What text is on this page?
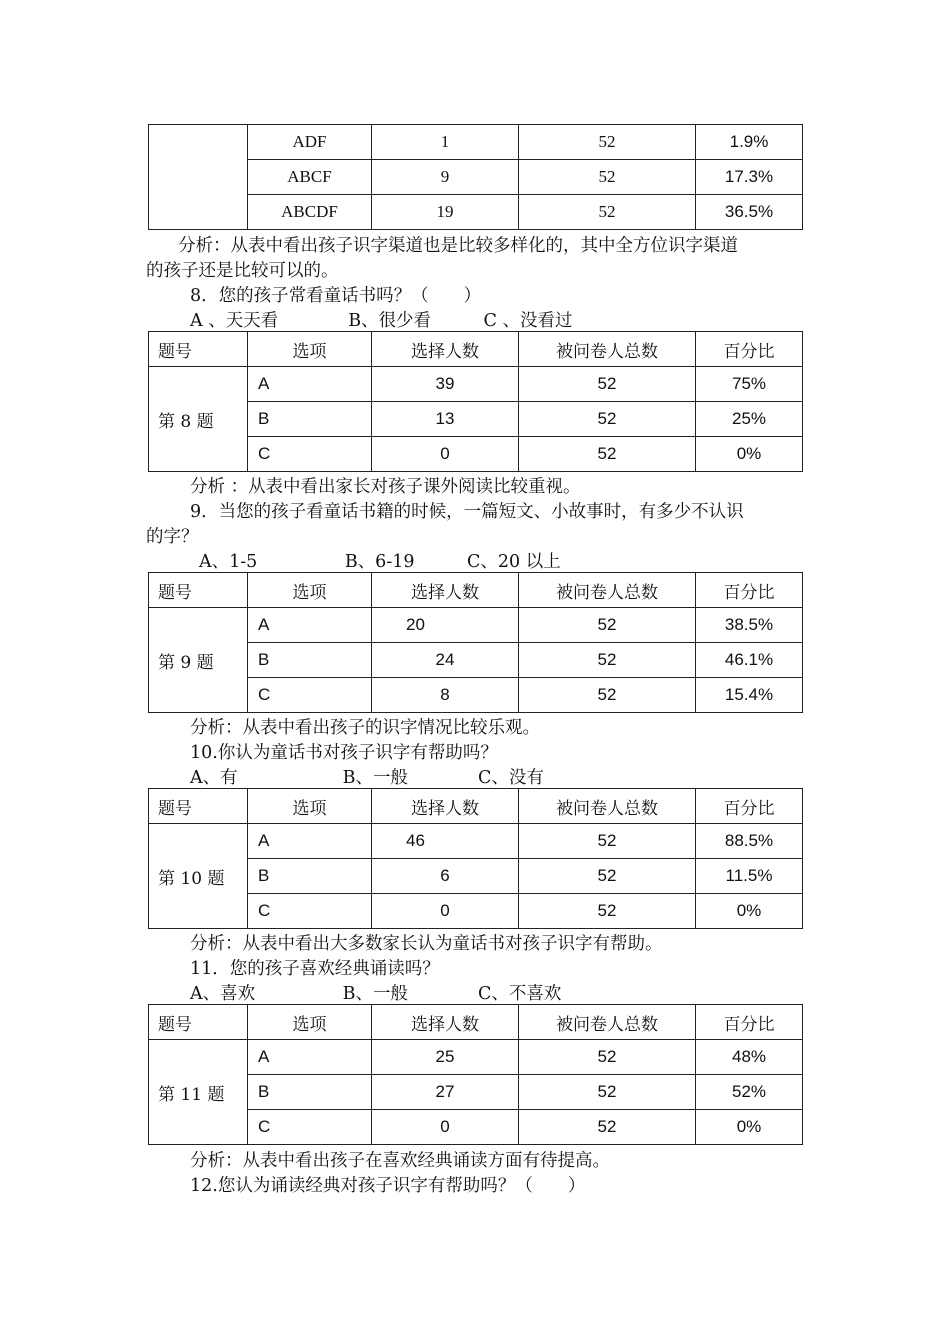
	ADF	1	52	1.9%
	ABCF	9	52	17.3%
	ABCDF	19	52	36.5%
分析：从表中看出孩子识字渠道也是比较多样化的，其中全方位识字渠道
的孩子还是比较可以的。
8．您的孩子常看童话书吗？（　　）
A 、天天看　　　　B、很少看　　　C 、没看过
题号	选项	选择人数	被问卷人总数	百分比
第 8 题	A	39	52	75%
	B	13	52	25%
	C	0	52	0%
分析 ：从表中看出家长对孩子课外阅读比较重视。
9．当您的孩子看童话书籍的时候，一篇短文、小故事时，有多少不认识
的字？
A、1-5　　　　　B、6-19　　　C、20 以上
题号	选项	选择人数	被问卷人总数	百分比
第 9 题	A	20	52	38.5%
	B	24	52	46.1%
	C	8	52	15.4%
分析：从表中看出孩子的识字情况比较乐观。
10.你认为童话书对孩子识字有帮助吗？
A、有　　　　　　B、一般　　　　C、没有
题号	选项	选择人数	被问卷人总数	百分比
第 10 题	A	46	52	88.5%
	B	6	52	11.5%
	C	0	52	0%
分析：从表中看出大多数家长认为童话书对孩子识字有帮助。
11．您的孩子喜欢经典诵读吗？
A、喜欢　　　　　B、一般　　　　C、不喜欢
题号	选项	选择人数	被问卷人总数	百分比
第 11 题	A	25	52	48%
	B	27	52	52%
	C	0	52	0%
分析：从表中看出孩子在喜欢经典诵读方面有待提高。
12.您认为诵读经典对孩子识字有帮助吗？（　　）
